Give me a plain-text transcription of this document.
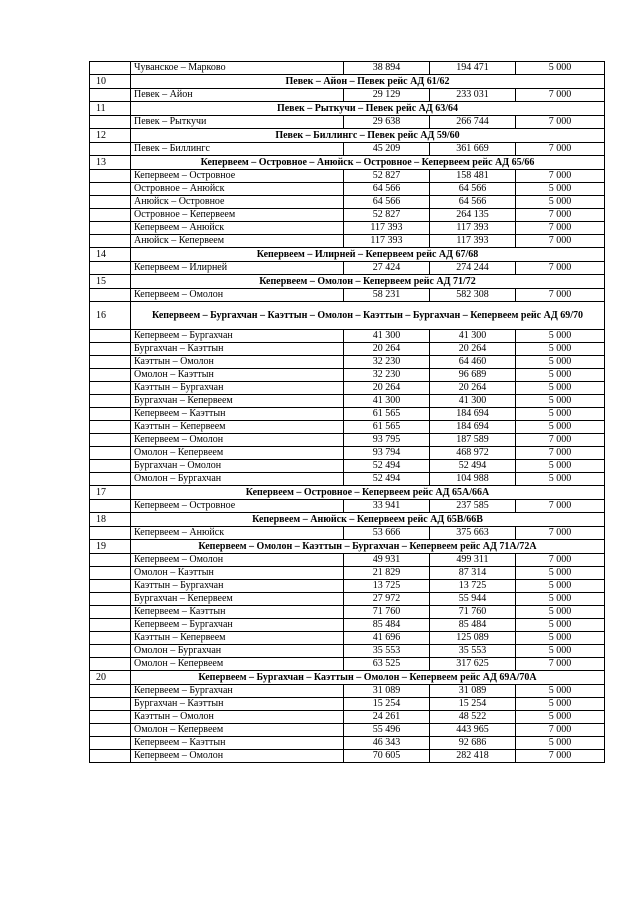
	Чуванское – Марково	38 894	194 471	5 000
10	Певек – Айон – Певек рейс АД 61/62			
	Певек – Айон	29 129	233 031	7 000
11	Певек – Рыткучи – Певек рейс АД 63/64			
	Певек – Рыткучи	29 638	266 744	7 000
12	Певек – Биллингс – Певек рейс АД 59/60			
	Певек – Биллингс	45 209	361 669	7 000
13	Кепервеем – Островное – Анюйск – Островное – Кепервеем рейс АД 65/66			
	Кепервеем – Островное	52 827	158 481	7 000
	Островное – Анюйск	64 566	64 566	5 000
	Анюйск – Островное	64 566	64 566	5 000
	Островное – Кепервеем	52 827	264 135	7 000
	Кепервеем – Анюйск	117 393	117 393	7 000
	Анюйск – Кепервеем	117 393	117 393	7 000
14	Кепервеем – Илирней – Кепервеем рейс АД 67/68			
	Кепервеем – Илирней	27 424	274 244	7 000
15	Кепервеем – Омолон – Кепервеем рейс АД 71/72			
	Кепервеем – Омолон	58 231	582 308	7 000
16	Кепервеем – Бургахчан – Каэттын – Омолон – Каэттын – Бургахчан – Кепервеем рейс АД 69/70			
	Кепервеем – Бургахчан	41 300	41 300	5 000
	Бургахчан – Каэттын	20 264	20 264	5 000
	Каэттын – Омолон	32 230	64 460	5 000
	Омолон – Каэттын	32 230	96 689	5 000
	Каэттын – Бургахчан	20 264	20 264	5 000
	Бургахчан – Кепервеем	41 300	41 300	5 000
	Кепервеем – Каэттын	61 565	184 694	5 000
	Каэттын – Кепервеем	61 565	184 694	5 000
	Кепервеем – Омолон	93 795	187 589	7 000
	Омолон – Кепервеем	93 794	468 972	7 000
	Бургахчан – Омолон	52 494	52 494	5 000
	Омолон – Бургахчан	52 494	104 988	5 000
17	Кепервеем – Островное – Кепервеем рейс АД 65А/66А			
	Кепервеем – Островное	33 941	237 585	7 000
18	Кепервеем – Анюйск – Кепервеем рейс АД 65В/66В			
	Кепервеем – Анюйск	53 666	375 663	7 000
19	Кепервеем – Омолон – Каэттын – Бургахчан – Кепервеем рейс АД 71А/72А			
	Кепервеем – Омолон	49 931	499 311	7 000
	Омолон – Каэттын	21 829	87 314	5 000
	Каэттын – Бургахчан	13 725	13 725	5 000
	Бургахчан – Кепервеем	27 972	55 944	5 000
	Кепервеем – Каэттын	71 760	71 760	5 000
	Кепервеем – Бургахчан	85 484	85 484	5 000
	Каэттын – Кепервеем	41 696	125 089	5 000
	Омолон – Бургахчан	35 553	35 553	5 000
	Омолон – Кепервеем	63 525	317 625	7 000
20	Кепервеем – Бургахчан – Каэттын – Омолон – Кепервеем рейс АД 69А/70А			
	Кепервеем – Бургахчан	31 089	31 089	5 000
	Бургахчан – Каэттын	15 254	15 254	5 000
	Каэттын – Омолон	24 261	48 522	5 000
	Омолон – Кепервеем	55 496	443 965	7 000
	Кепервеем – Каэттын	46 343	92 686	5 000
	Кепервеем – Омолон	70 605	282 418	7 000
